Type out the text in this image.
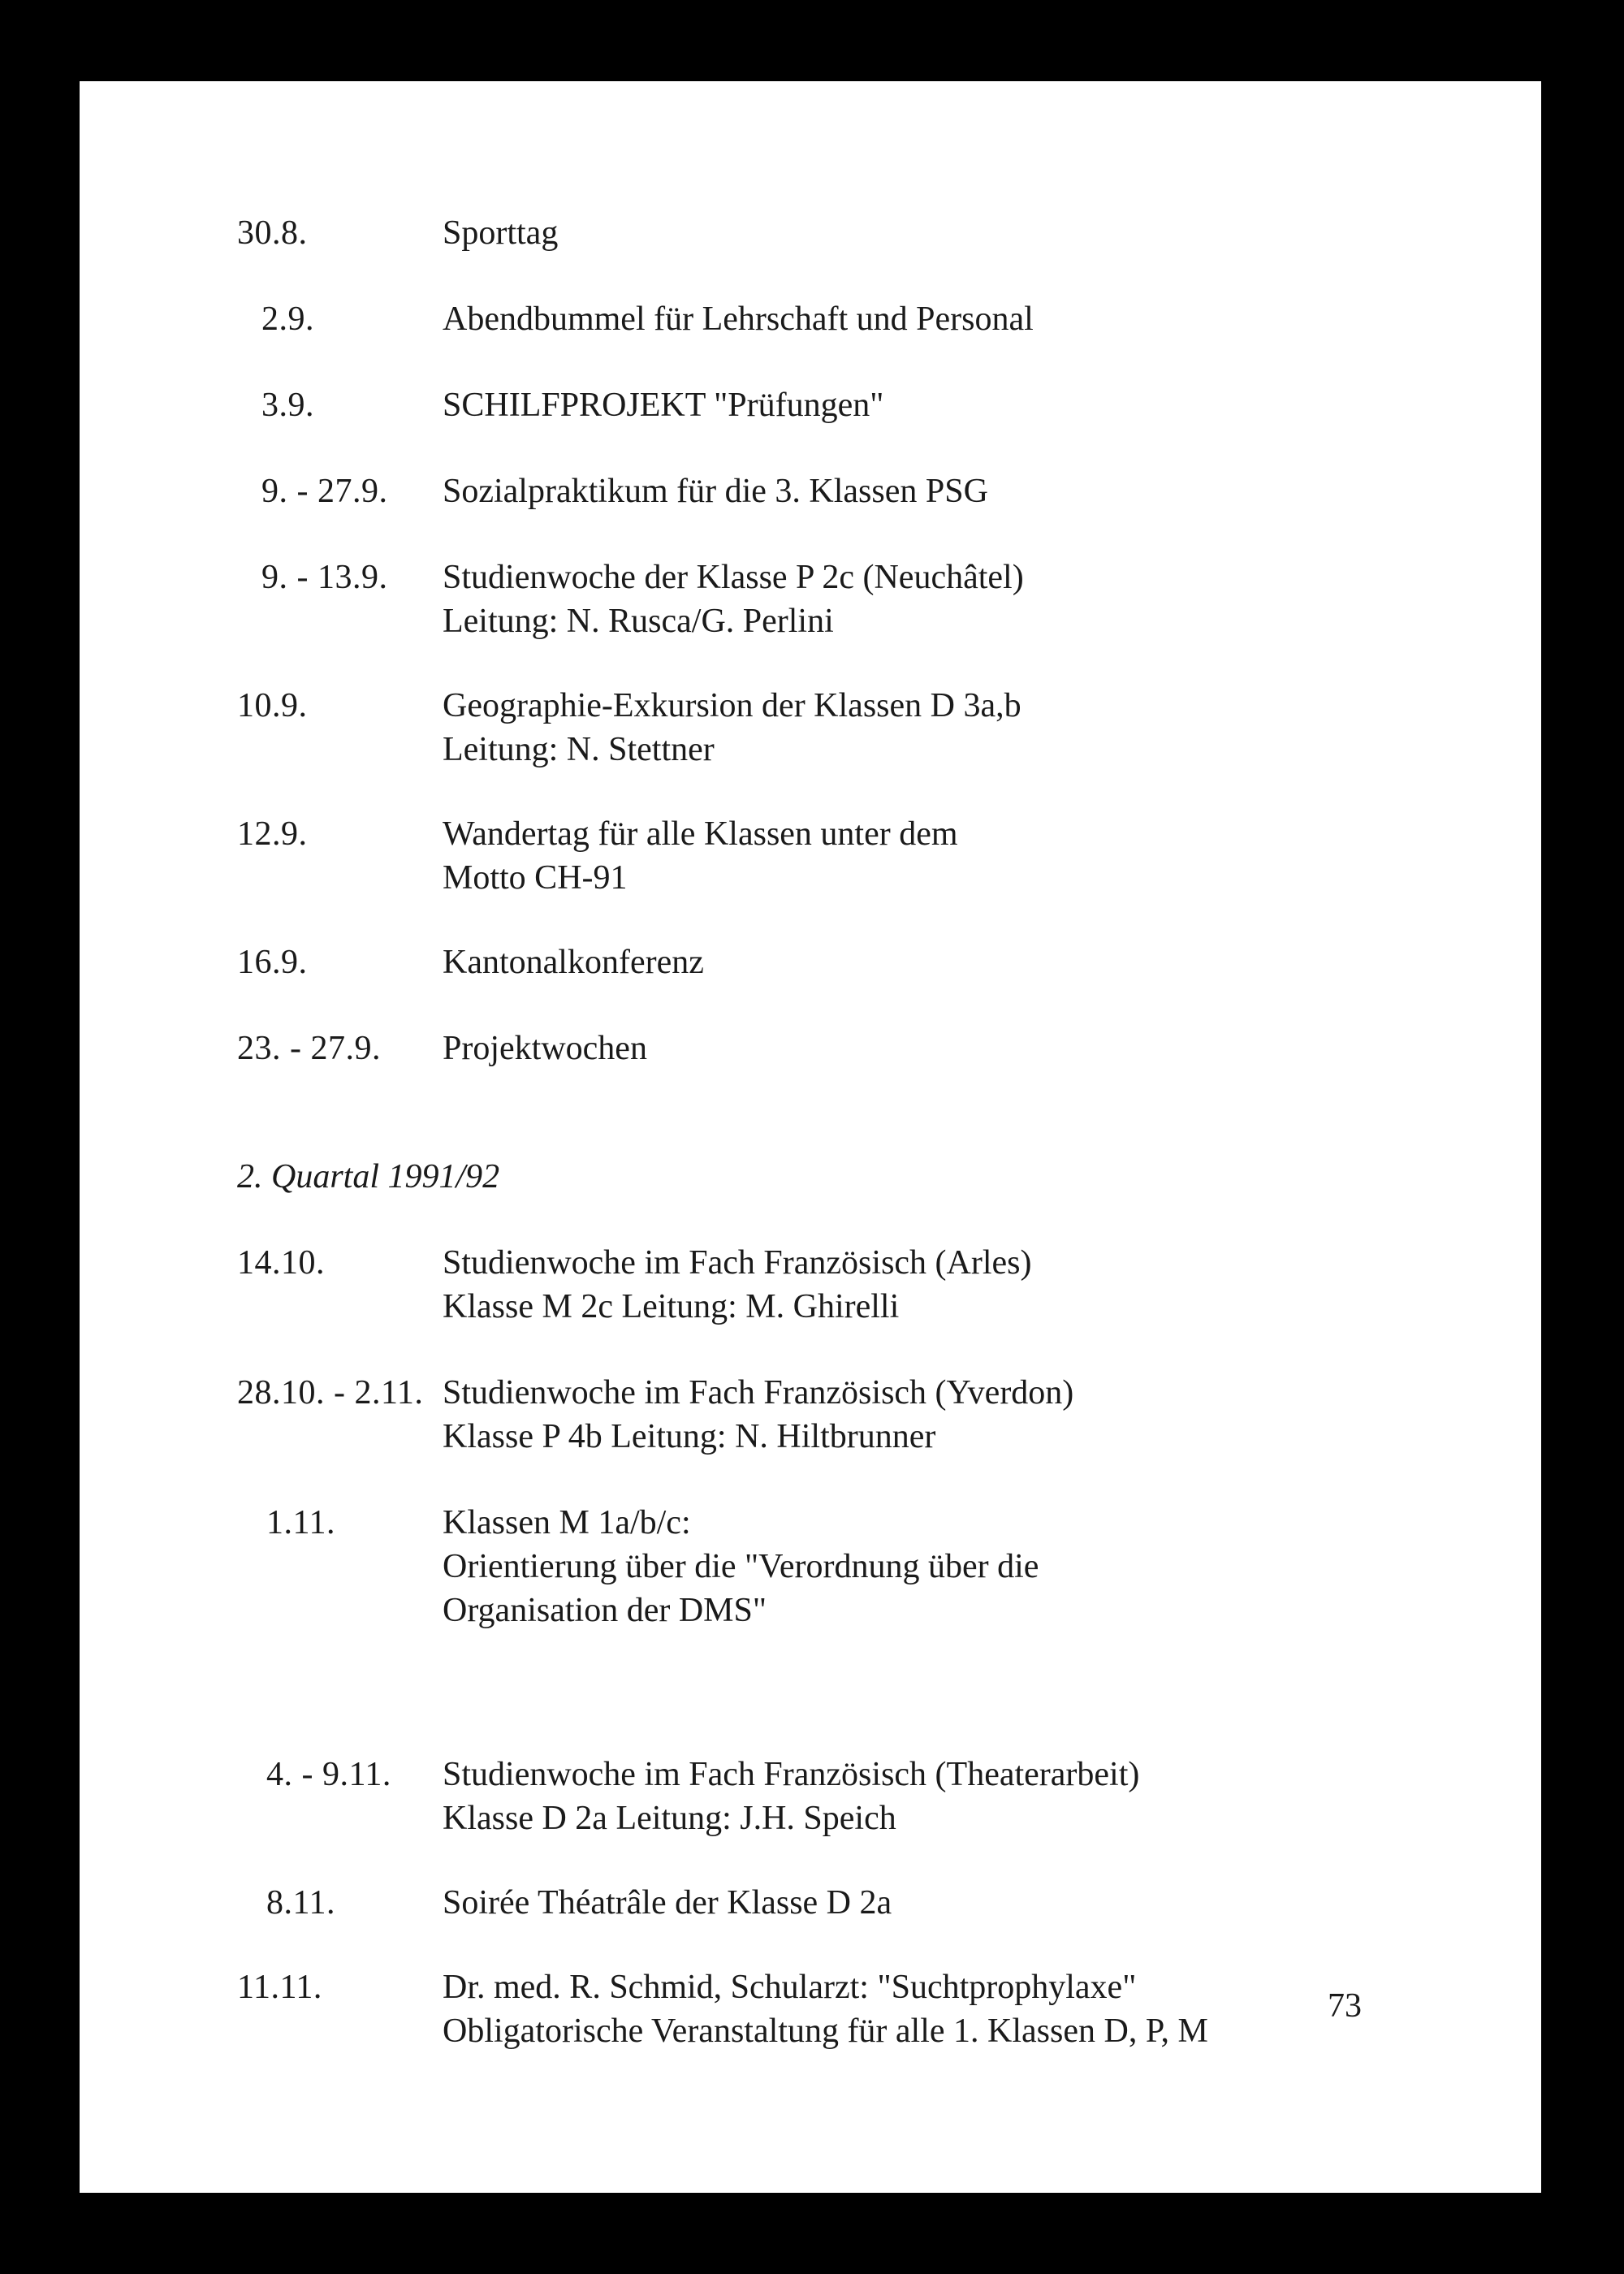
30.8.	Sporttag
2.9.	Abendbummel für Lehrschaft und Personal
3.9.	SCHILFPROJEKT "Prüfungen"
9. - 27.9.	Sozialpraktikum für die 3. Klassen PSG
9. - 13.9.	Studienwoche der Klasse P 2c (Neuchâtel)
Leitung: N. Rusca/G. Perlini
10.9.	Geographie-Exkursion der Klassen D 3a,b
Leitung: N. Stettner
12.9.	Wandertag für alle Klassen unter dem
Motto CH-91
16.9.	Kantonalkonferenz
23. - 27.9.	Projektwochen
2. Quartal 1991/92
14.10.	Studienwoche im Fach Französisch (Arles)
Klasse M 2c Leitung: M. Ghirelli
28.10. - 2.11. Studienwoche im Fach Französisch (Yverdon)
Klasse P 4b Leitung: N. Hiltbrunner
1.11.	Klassen M 1a/b/c:
Orientierung über die "Verordnung über die
Organisation der DMS"
4. - 9.11.	Studienwoche im Fach Französisch (Theaterarbeit)
Klasse D 2a Leitung: J.H. Speich
8.11.	Soirée Théatrâle der Klasse D 2a
11.11.	Dr. med. R. Schmid, Schularzt: "Suchtprophylaxe"
Obligatorische Veranstaltung für alle 1. Klassen D, P, M
73
